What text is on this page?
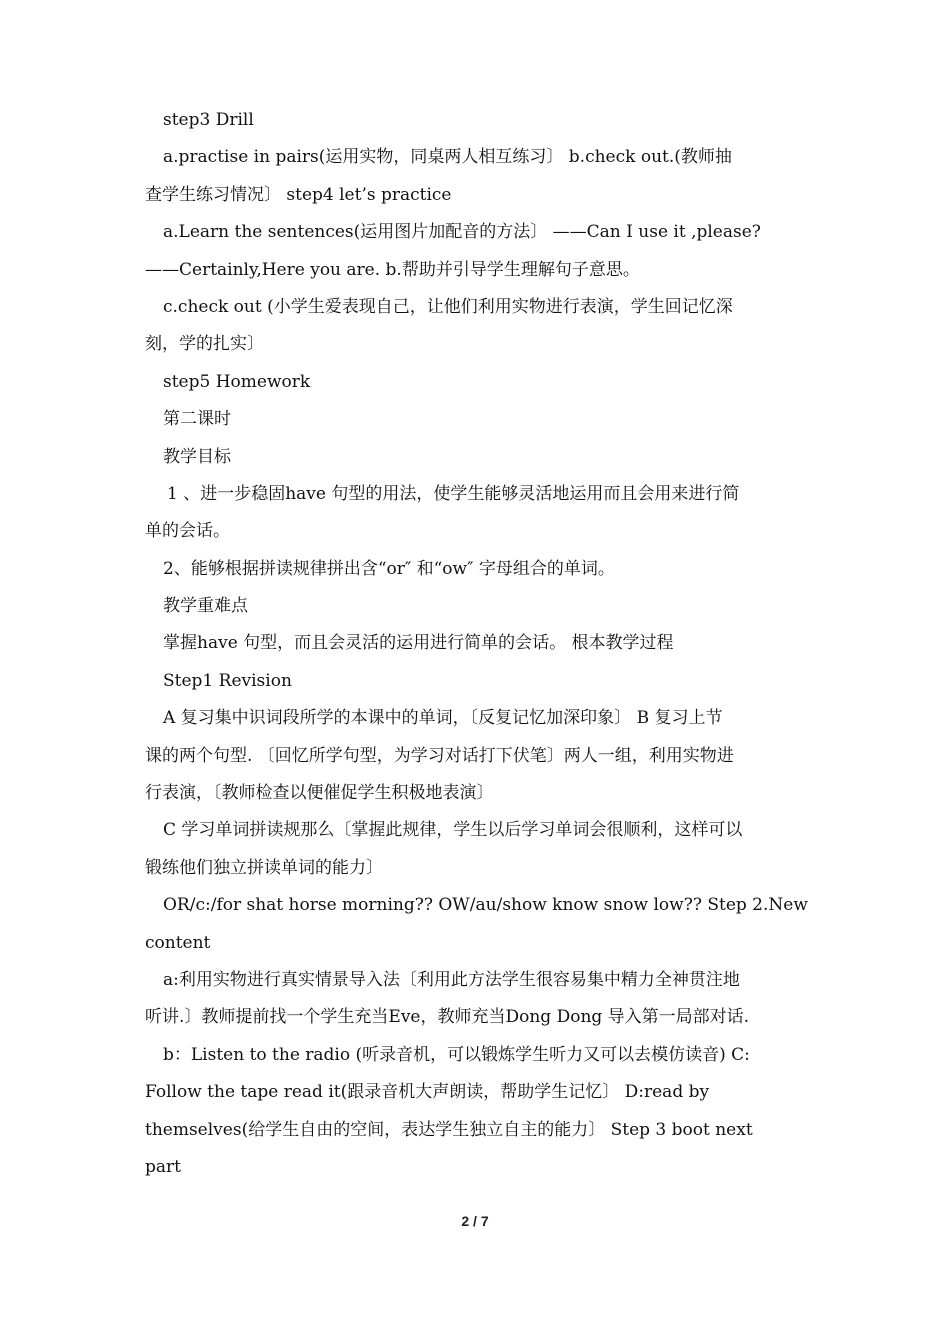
step3 Drill
a.practise in pairs(运用实物，同桌两人相互练习〕 b.check out.(教师抽
查学生练习情况〕 step4 let’s practice
a.Learn the sentences(运用图片加配音的方法〕 ——Can I use it ,please?
——Certainly,Here you are. b.帮助并引导学生理解句子意思。
c.check out (小学生爱表现自己，让他们利用实物进行表演，学生回记忆深
刻，学的扎实〕
step5 Homework
第二课时
教学目标
1 、进一步稳固have 句型的用法，使学生能够灵活地运用而且会用来进行简
单的会话。
2、能够根据拼读规律拼出含“or″ 和“ow″ 字母组合的单词。
教学重难点
掌握have 句型，而且会灵活的运用进行简单的会话。 根本教学过程
Step1 Revision
A 复习集中识词段所学的本课中的单词，〔反复记忆加深印象〕 B 复习上节
课的两个句型. 〔回忆所学句型，为学习对话打下伏笔〕两人一组，利用实物进
行表演，〔教师检查以便催促学生积极地表演〕
C 学习单词拼读规那么〔掌握此规律，学生以后学习单词会很顺利，这样可以
锻练他们独立拼读单词的能力〕
OR/c:/for shat horse morning?? OW/au/show know snow low?? Step 2.New
content
a:利用实物进行真实情景导入法〔利用此方法学生很容易集中精力全神贯注地
听讲.〕教师提前找一个学生充当Eve，教师充当Dong Dong 导入第一局部对话.
b：Listen to the radio (听录音机，可以锻炼学生听力又可以去模仿读音) C:
Follow the tape read it(跟录音机大声朗读，帮助学生记忆〕 D:read by
themselves(给学生自由的空间，表达学生独立自主的能力〕 Step 3 boot next
part
2 / 7
